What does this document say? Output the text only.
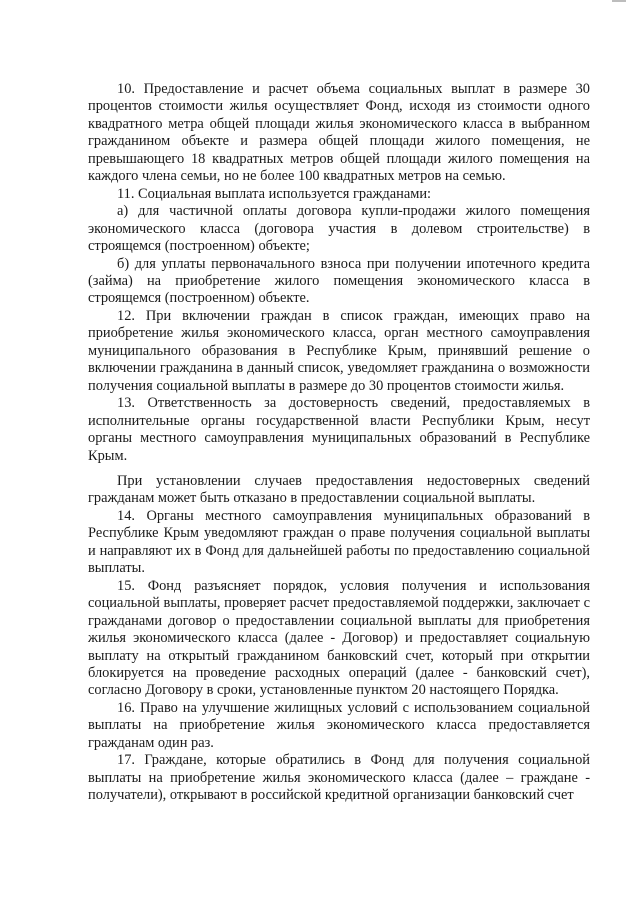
10. Предоставление и расчет объема социальных выплат в размере 30 процентов стоимости жилья осуществляет Фонд, исходя из стоимости одного квадратного метра общей площади жилья экономического класса в выбранном гражданином объекте и размера общей площади жилого помещения, не превышающего 18 квадратных метров общей площади жилого помещения на каждого члена семьи, но не более 100 квадратных метров на семью.

11. Социальная выплата используется гражданами:

а) для частичной оплаты договора купли-продажи жилого помещения экономического класса (договора участия в долевом строительстве) в строящемся (построенном) объекте;

б) для уплаты первоначального взноса при получении ипотечного кредита (займа) на приобретение жилого помещения экономического класса в строящемся (построенном) объекте.

12. При включении граждан в список граждан, имеющих право на приобретение жилья экономического класса, орган местного самоуправления муниципального образования в Республике Крым, принявший решение о включении гражданина в данный список, уведомляет гражданина о возможности получения социальной выплаты в размере до 30 процентов стоимости жилья.

13. Ответственность за достоверность сведений, предоставляемых в исполнительные органы государственной власти Республики Крым, несут органы местного самоуправления муниципальных образований в Республике Крым.

При установлении случаев предоставления недостоверных сведений гражданам может быть отказано в предоставлении социальной выплаты.

14. Органы местного самоуправления муниципальных образований в Республике Крым уведомляют граждан о праве получения социальной выплаты и направляют их в Фонд для дальнейшей работы по предоставлению социальной выплаты.

15. Фонд разъясняет порядок, условия получения и использования социальной выплаты, проверяет расчет предоставляемой поддержки, заключает с гражданами договор о предоставлении социальной выплаты для приобретения жилья экономического класса (далее - Договор) и предоставляет социальную выплату на открытый гражданином банковский счет, который при открытии блокируется на проведение расходных операций (далее - банковский счет), согласно Договору в сроки, установленные пунктом 20 настоящего Порядка.

16. Право на улучшение жилищных условий с использованием социальной выплаты на приобретение жилья экономического класса предоставляется гражданам один раз.

17. Граждане, которые обратились в Фонд для получения социальной выплаты на приобретение жилья экономического класса (далее – граждане - получатели), открывают в российской кредитной организации банковский счет
